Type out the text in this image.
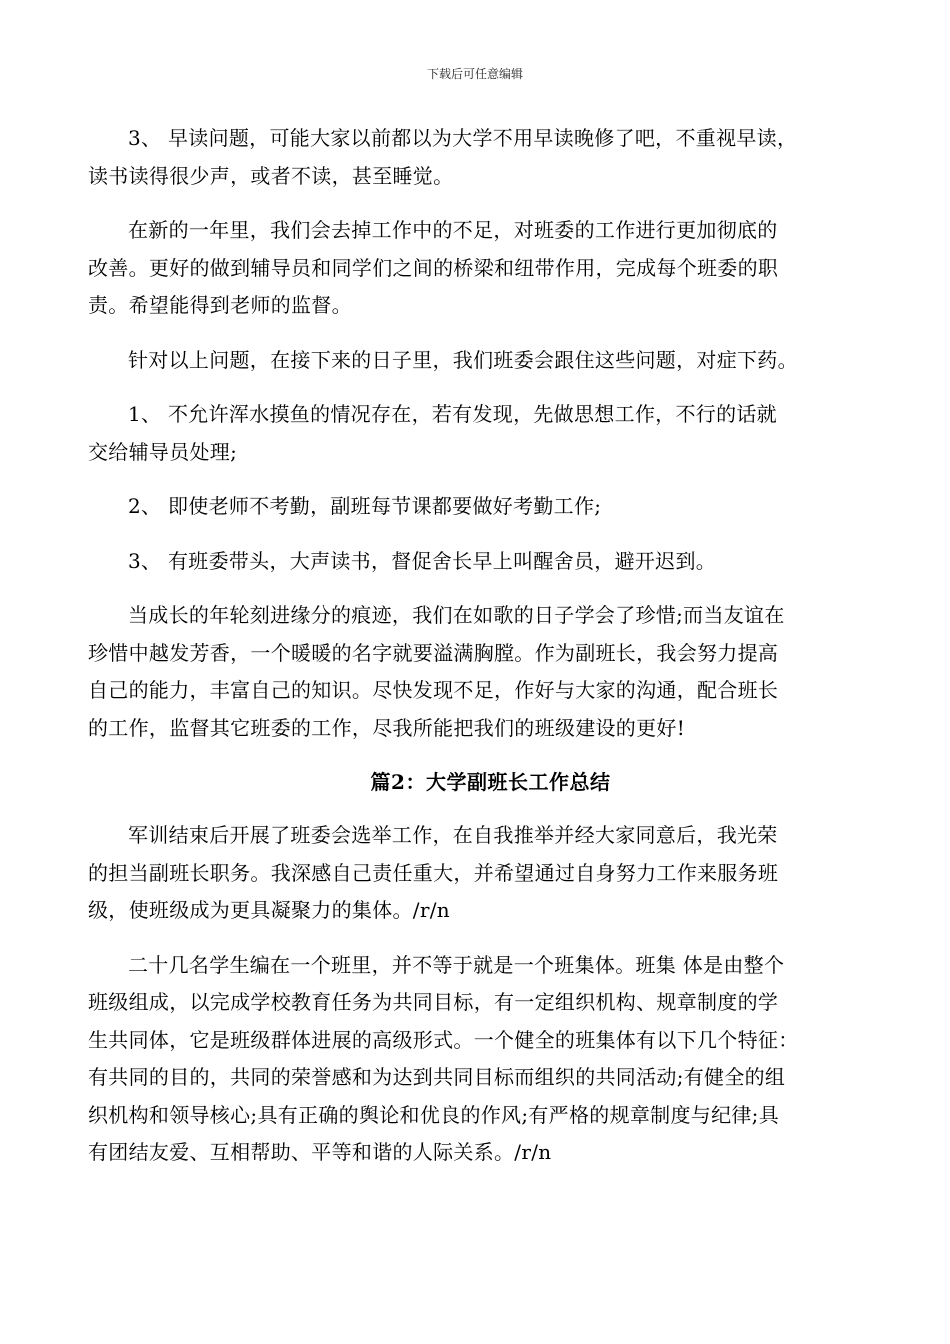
下载后可任意编辑
3、 早读问题，可能大家以前都以为大学不用早读晚修了吧，不重视早读，
读书读得很少声，或者不读，甚至睡觉。
在新的一年里，我们会去掉工作中的不足，对班委的工作进行更加彻底的
改善。更好的做到辅导员和同学们之间的桥梁和纽带作用，完成每个班委的职
责。希望能得到老师的监督。
针对以上问题，在接下来的日子里，我们班委会跟住这些问题，对症下药。
1、 不允许浑水摸鱼的情况存在，若有发现，先做思想工作，不行的话就
交给辅导员处理;
2、 即使老师不考勤，副班每节课都要做好考勤工作;
3、 有班委带头，大声读书，督促舍长早上叫醒舍员，避开迟到。
当成长的年轮刻进缘分的痕迹，我们在如歌的日子学会了珍惜;而当友谊在
珍惜中越发芳香，一个暖暖的名字就要溢满胸膛。作为副班长，我会努力提高
自己的能力，丰富自己的知识。尽快发现不足，作好与大家的沟通，配合班长
的工作，监督其它班委的工作，尽我所能把我们的班级建设的更好!
篇2：大学副班长工作总结
军训结束后开展了班委会选举工作，在自我推举并经大家同意后，我光荣
的担当副班长职务。我深感自己责任重大，并希望通过自身努力工作来服务班
级，使班级成为更具凝聚力的集体。/r/n
二十几名学生编在一个班里，并不等于就是一个班集体。班集 体是由整个
班级组成，以完成学校教育任务为共同目标，有一定组织机构、规章制度的学
生共同体，它是班级群体进展的高级形式。一个健全的班集体有以下几个特征：
有共同的目的，共同的荣誉感和为达到共同目标而组织的共同活动;有健全的组
织机构和领导核心;具有正确的舆论和优良的作风;有严格的规章制度与纪律;具
有团结友爱、互相帮助、平等和谐的人际关系。/r/n
